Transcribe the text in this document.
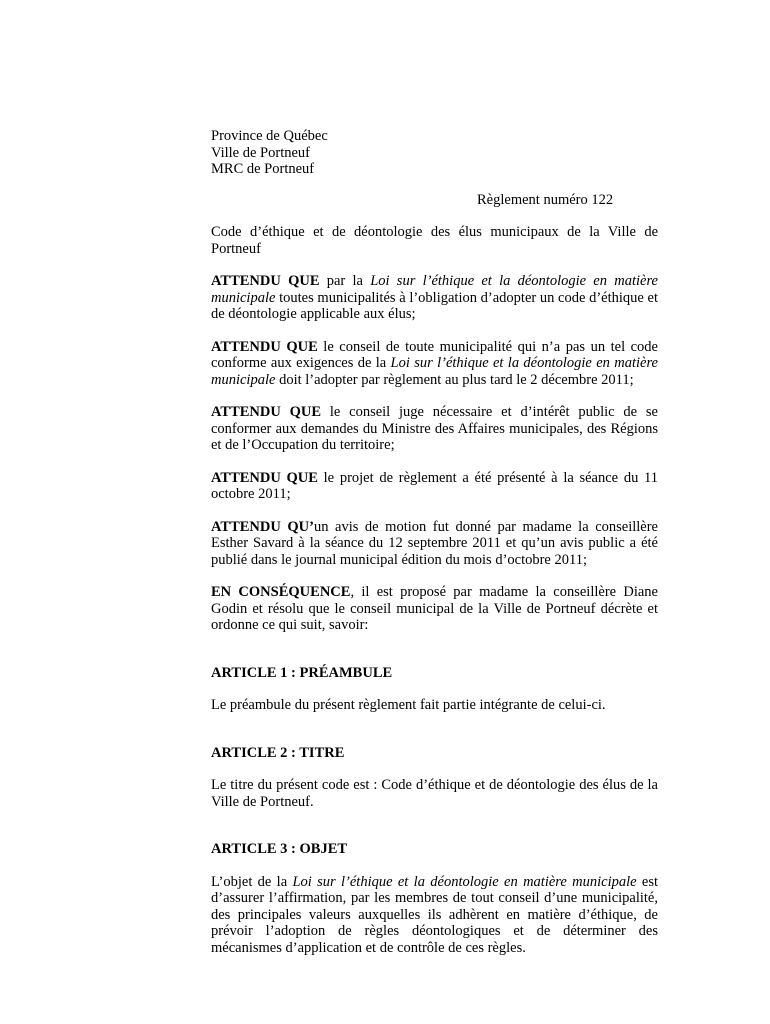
Province de Québec

Ville de Portneuf

MRC de Portneuf

Règlement numéro 122

Code d’éthique et de déontologie des élus municipaux de la Ville de Portneuf

ATTENDU QUE par la Loi sur l’éthique et la déontologie en matière municipale toutes municipalités à l’obligation d’adopter un code d’éthique et de déontologie applicable aux élus;

ATTENDU QUE le conseil de toute municipalité qui n’a pas un tel code conforme aux exigences de la Loi sur l’éthique et la déontologie en matière municipale doit l’adopter par règlement au plus tard le 2 décembre 2011;

ATTENDU QUE le conseil juge nécessaire et d’intérêt public de se conformer aux demandes du Ministre des Affaires municipales, des Régions et de l’Occupation du territoire;

ATTENDU QUE le projet de règlement a été présenté à la séance du 11 octobre 2011;

ATTENDU QU’un avis de motion fut donné par madame la conseillère Esther Savard à la séance du 12 septembre 2011 et qu’un avis public a été publié dans le journal municipal édition du mois d’octobre 2011;

EN CONSÉQUENCE, il est proposé par madame la conseillère Diane Godin et résolu que le conseil municipal de la Ville de Portneuf décrète et ordonne ce qui suit, savoir:

ARTICLE 1 : PRÉAMBULE

Le préambule du présent règlement fait partie intégrante de celui-ci.

ARTICLE 2 : TITRE

Le titre du présent code est : Code d’éthique et de déontologie des élus de la Ville de Portneuf.

ARTICLE 3 : OBJET

L’objet de la Loi sur l’éthique et la déontologie en matière municipale est d’assurer l’affirmation, par les membres de tout conseil d’une municipalité, des principales valeurs auxquelles ils adhèrent en matière d’éthique, de prévoir l’adoption de règles déontologiques et de déterminer des mécanismes d’application et de contrôle de ces règles.
